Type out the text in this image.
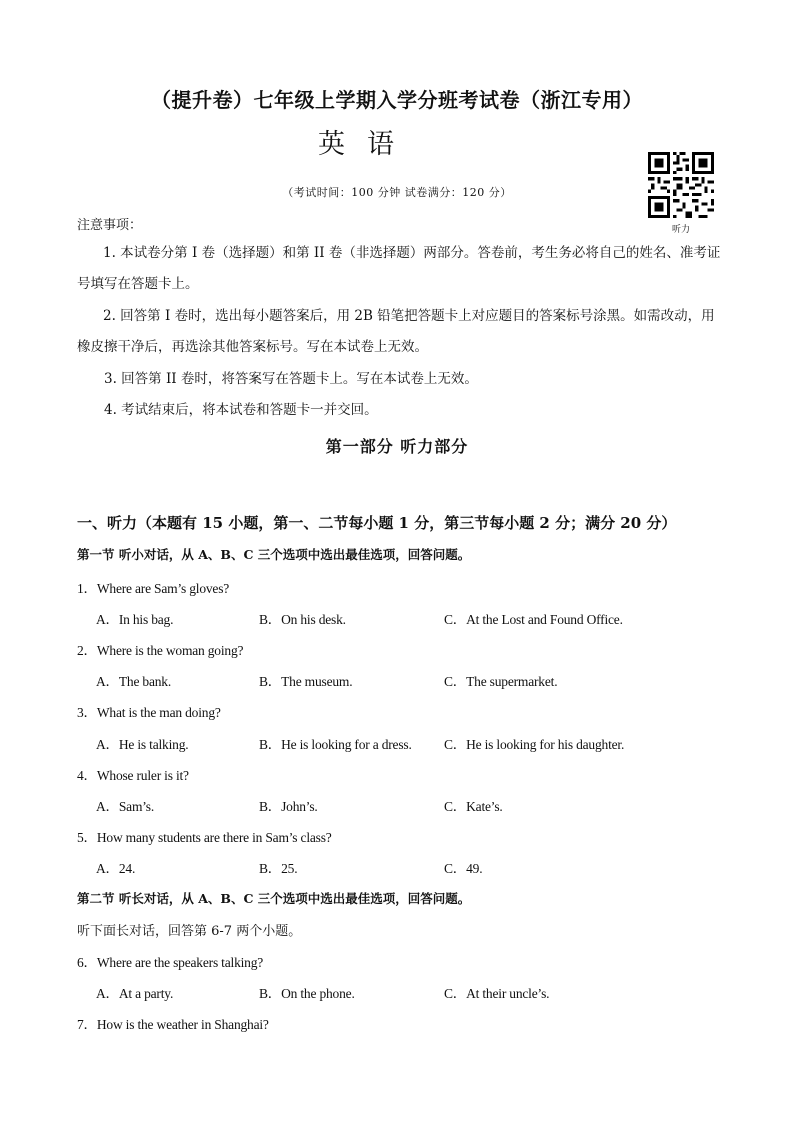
（提升卷）七年级上学期入学分班考试卷（浙江专用）
英语
（考试时间：100 分钟 试卷满分：120 分）
听力
注意事项：
1. 本试卷分第 I 卷（选择题）和第 II 卷（非选择题）两部分。答卷前，考生务必将自己的姓名、准考证号填写在答题卡上。
2. 回答第 I 卷时，选出每小题答案后，用 2B 铅笔把答题卡上对应题目的答案标号涂黑。如需改动，用橡皮擦干净后，再选涂其他答案标号。写在本试卷上无效。
3. 回答第 II 卷时，将答案写在答题卡上。写在本试卷上无效。
4. 考试结束后，将本试卷和答题卡一并交回。
第一部分 听力部分
一、听力（本题有 15 小题，第一、二节每小题 1 分，第三节每小题 2 分；满分 20 分）
第一节 听小对话，从 A、B、C 三个选项中选出最佳选项，回答问题。
1．Where are Sam’s gloves?
A．In his bag.	B．On his desk.	C．At the Lost and Found Office.
2．Where is the woman going?
A．The bank.	B．The museum.	C．The supermarket.
3．What is the man doing?
A．He is talking.	B．He is looking for a dress. C．He is looking for his daughter.
4．Whose ruler is it?
A．Sam’s.	B．John’s.	C．Kate’s.
5．How many students are there in Sam’s class?
A．24.	B．25.	C．49.
第二节 听长对话，从 A、B、C 三个选项中选出最佳选项，回答问题。
听下面长对话，回答第 6-7 两个小题。
6．Where are the speakers talking?
A．At a party.	B．On the phone.	C．At their uncle’s.
7．How is the weather in Shanghai?
